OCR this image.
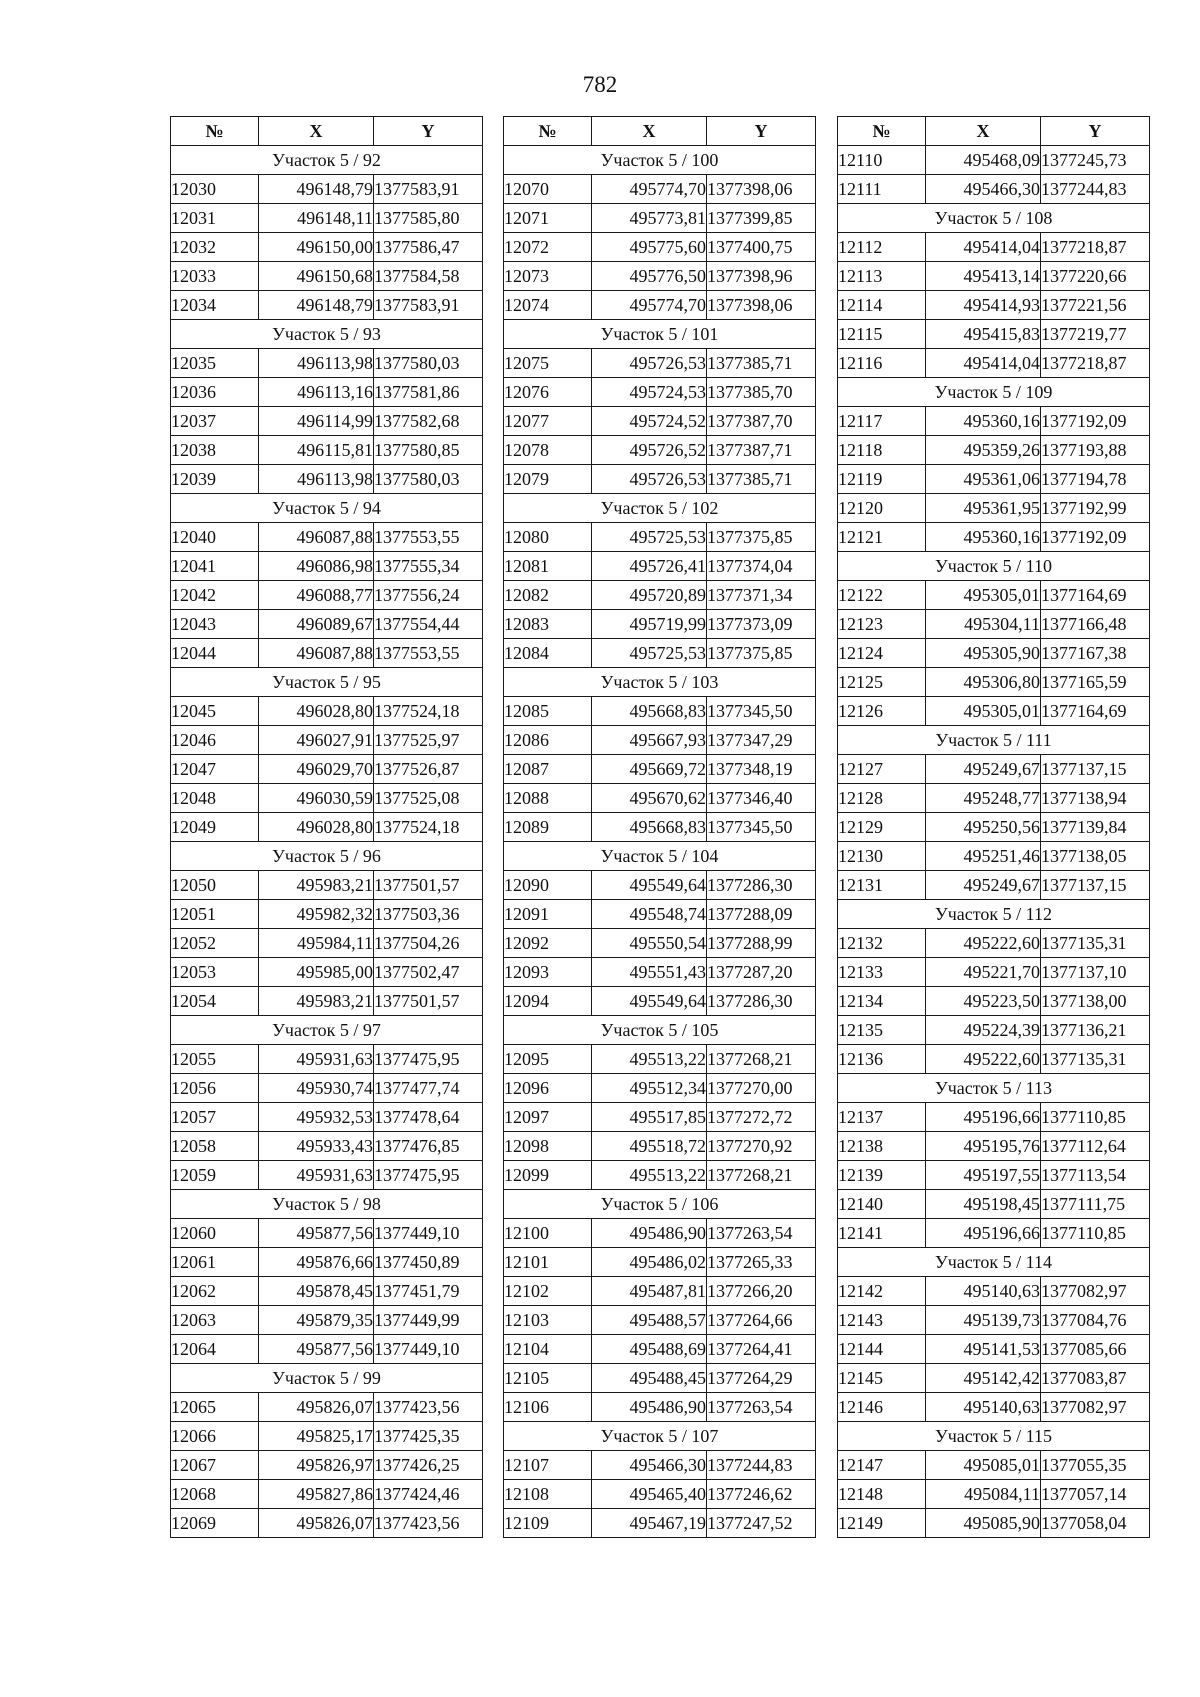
782
№	X	Y
Участок 5 / 92		
12030	496148,79	1377583,91
12031	496148,11	1377585,80
12032	496150,00	1377586,47
12033	496150,68	1377584,58
12034	496148,79	1377583,91
Участок 5 / 93		
12035	496113,98	1377580,03
12036	496113,16	1377581,86
12037	496114,99	1377582,68
12038	496115,81	1377580,85
12039	496113,98	1377580,03
Участок 5 / 94		
12040	496087,88	1377553,55
12041	496086,98	1377555,34
12042	496088,77	1377556,24
12043	496089,67	1377554,44
12044	496087,88	1377553,55
Участок 5 / 95		
12045	496028,80	1377524,18
12046	496027,91	1377525,97
12047	496029,70	1377526,87
12048	496030,59	1377525,08
12049	496028,80	1377524,18
Участок 5 / 96		
12050	495983,21	1377501,57
12051	495982,32	1377503,36
12052	495984,11	1377504,26
12053	495985,00	1377502,47
12054	495983,21	1377501,57
Участок 5 / 97		
12055	495931,63	1377475,95
12056	495930,74	1377477,74
12057	495932,53	1377478,64
12058	495933,43	1377476,85
12059	495931,63	1377475,95
Участок 5 / 98		
12060	495877,56	1377449,10
12061	495876,66	1377450,89
12062	495878,45	1377451,79
12063	495879,35	1377449,99
12064	495877,56	1377449,10
Участок 5 / 99		
12065	495826,07	1377423,56
12066	495825,17	1377425,35
12067	495826,97	1377426,25
12068	495827,86	1377424,46
12069	495826,07	1377423,56
№	X	Y
Участок 5 / 100		
12070	495774,70	1377398,06
12071	495773,81	1377399,85
12072	495775,60	1377400,75
12073	495776,50	1377398,96
12074	495774,70	1377398,06
Участок 5 / 101		
12075	495726,53	1377385,71
12076	495724,53	1377385,70
12077	495724,52	1377387,70
12078	495726,52	1377387,71
12079	495726,53	1377385,71
Участок 5 / 102		
12080	495725,53	1377375,85
12081	495726,41	1377374,04
12082	495720,89	1377371,34
12083	495719,99	1377373,09
12084	495725,53	1377375,85
Участок 5 / 103		
12085	495668,83	1377345,50
12086	495667,93	1377347,29
12087	495669,72	1377348,19
12088	495670,62	1377346,40
12089	495668,83	1377345,50
Участок 5 / 104		
12090	495549,64	1377286,30
12091	495548,74	1377288,09
12092	495550,54	1377288,99
12093	495551,43	1377287,20
12094	495549,64	1377286,30
Участок 5 / 105		
12095	495513,22	1377268,21
12096	495512,34	1377270,00
12097	495517,85	1377272,72
12098	495518,72	1377270,92
12099	495513,22	1377268,21
Участок 5 / 106		
12100	495486,90	1377263,54
12101	495486,02	1377265,33
12102	495487,81	1377266,20
12103	495488,57	1377264,66
12104	495488,69	1377264,41
12105	495488,45	1377264,29
12106	495486,90	1377263,54
Участок 5 / 107		
12107	495466,30	1377244,83
12108	495465,40	1377246,62
12109	495467,19	1377247,52
№	X	Y
12110	495468,09	1377245,73
12111	495466,30	1377244,83
Участок 5 / 108		
12112	495414,04	1377218,87
12113	495413,14	1377220,66
12114	495414,93	1377221,56
12115	495415,83	1377219,77
12116	495414,04	1377218,87
Участок 5 / 109		
12117	495360,16	1377192,09
12118	495359,26	1377193,88
12119	495361,06	1377194,78
12120	495361,95	1377192,99
12121	495360,16	1377192,09
Участок 5 / 110		
12122	495305,01	1377164,69
12123	495304,11	1377166,48
12124	495305,90	1377167,38
12125	495306,80	1377165,59
12126	495305,01	1377164,69
Участок 5 / 111		
12127	495249,67	1377137,15
12128	495248,77	1377138,94
12129	495250,56	1377139,84
12130	495251,46	1377138,05
12131	495249,67	1377137,15
Участок 5 / 112		
12132	495222,60	1377135,31
12133	495221,70	1377137,10
12134	495223,50	1377138,00
12135	495224,39	1377136,21
12136	495222,60	1377135,31
Участок 5 / 113		
12137	495196,66	1377110,85
12138	495195,76	1377112,64
12139	495197,55	1377113,54
12140	495198,45	1377111,75
12141	495196,66	1377110,85
Участок 5 / 114		
12142	495140,63	1377082,97
12143	495139,73	1377084,76
12144	495141,53	1377085,66
12145	495142,42	1377083,87
12146	495140,63	1377082,97
Участок 5 / 115		
12147	495085,01	1377055,35
12148	495084,11	1377057,14
12149	495085,90	1377058,04
